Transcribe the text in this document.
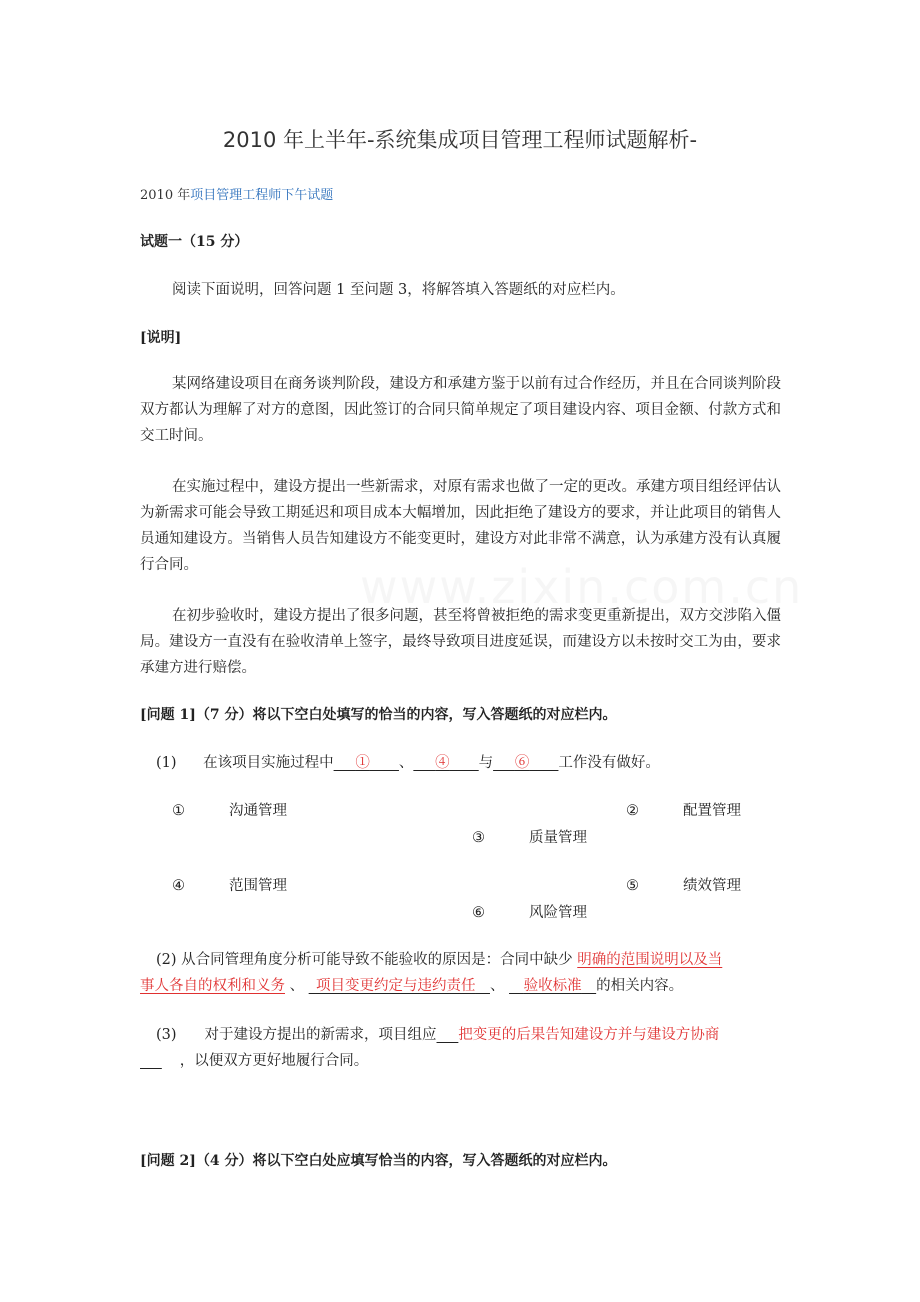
2010 年上半年-系统集成项目管理工程师试题解析-
2010 年项目管理工程师下午试题
试题一（15 分）
阅读下面说明，回答问题 1 至问题 3，将解答填入答题纸的对应栏内。
[说明]
某网络建设项目在商务谈判阶段，建设方和承建方鉴于以前有过合作经历，并且在合同谈判阶段双方都认为理解了对方的意图，因此签订的合同只简单规定了项目建设内容、项目金额、付款方式和交工时间。
在实施过程中，建设方提出一些新需求，对原有需求也做了一定的更改。承建方项目组经评估认为新需求可能会导致工期延迟和项目成本大幅增加，因此拒绝了建设方的要求，并让此项目的销售人员通知建设方。当销售人员告知建设方不能变更时，建设方对此非常不满意，认为承建方没有认真履行合同。
在初步验收时，建设方提出了很多问题，甚至将曾被拒绝的需求变更重新提出，双方交涉陷入僵局。建设方一直没有在验收清单上签字，最终导致项目进度延误，而建设方以未按时交工为由，要求承建方进行赔偿。
[问题 1]（7 分）将以下空白处填写的恰当的内容，写入答题纸的对应栏内。
(1) 在该项目实施过程中___①____、___④____与___⑥____工作没有做好。
①	沟通管理	②	配置管理
③	质量管理
④	范围管理	⑤	绩效管理
⑥	风险管理
(2) 从合同管理角度分析可能导致不能验收的原因是：合同中缺少 明确的范围说明以及当
事人各自的权利和义务 、 _项目变更约定与违约责任__、 __验收标准__的相关内容。
(3) 对于建设方提出的新需求，项目组应___把变更的后果告知建设方并与建设方协商
___ ，以便双方更好地履行合同。
[问题 2]（4 分）将以下空白处应填写恰当的内容，写入答题纸的对应栏内。
www.zixin.com.cn
